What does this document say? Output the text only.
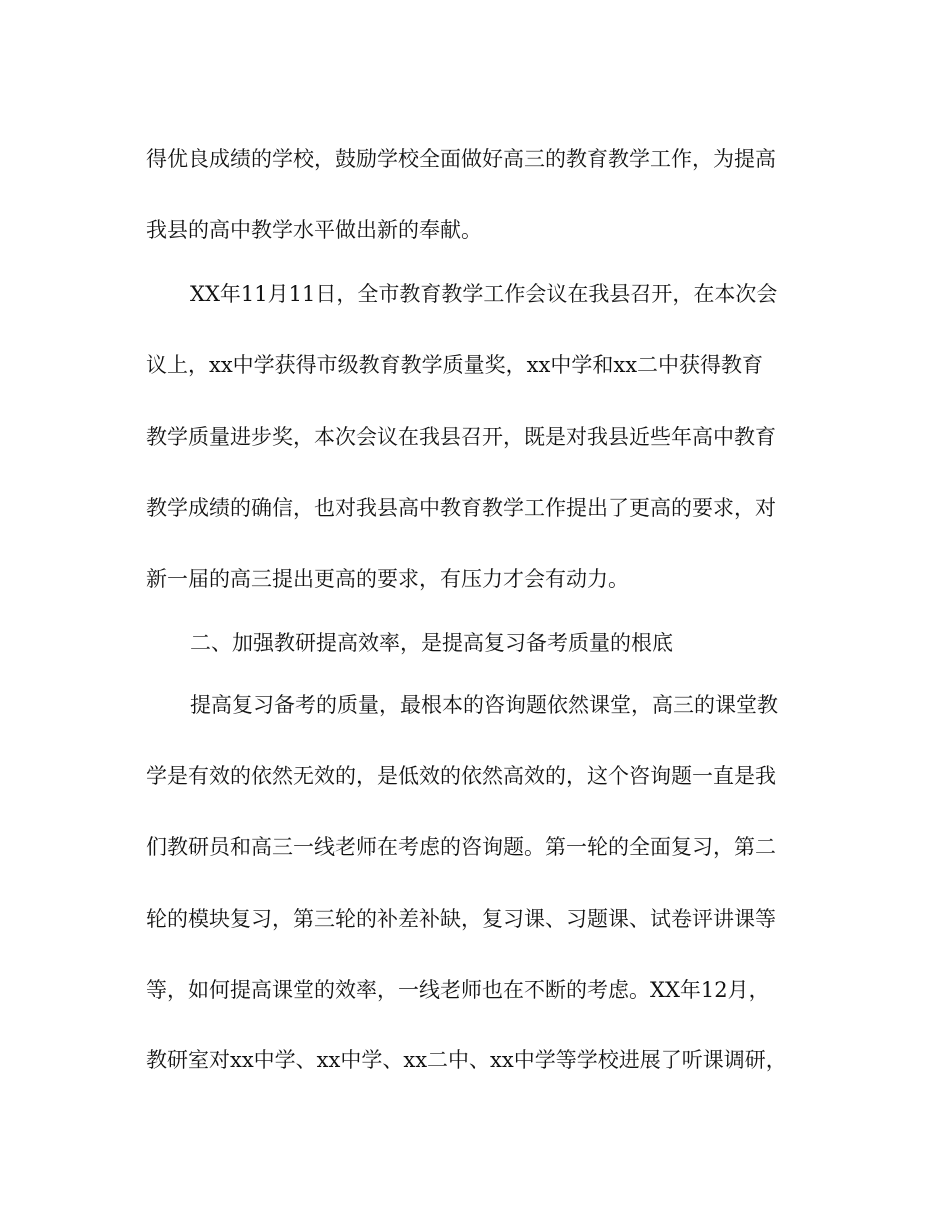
得优良成绩的学校，鼓励学校全面做好高三的教育教学工作，为提高
我县的高中教学水平做出新的奉献。
XX年11月11日，全市教育教学工作会议在我县召开，在本次会
议上，xx中学获得市级教育教学质量奖，xx中学和xx二中获得教育
教学质量进步奖，本次会议在我县召开，既是对我县近些年高中教育
教学成绩的确信，也对我县高中教育教学工作提出了更高的要求，对
新一届的高三提出更高的要求，有压力才会有动力。
二、加强教研提高效率，是提高复习备考质量的根底
提高复习备考的质量，最根本的咨询题依然课堂，高三的课堂教
学是有效的依然无效的，是低效的依然高效的，这个咨询题一直是我
们教研员和高三一线老师在考虑的咨询题。第一轮的全面复习，第二
轮的模块复习，第三轮的补差补缺，复习课、习题课、试卷评讲课等
等，如何提高课堂的效率，一线老师也在不断的考虑。XX年12月，
教研室对xx中学、xx中学、xx二中、xx中学等学校进展了听课调研，
